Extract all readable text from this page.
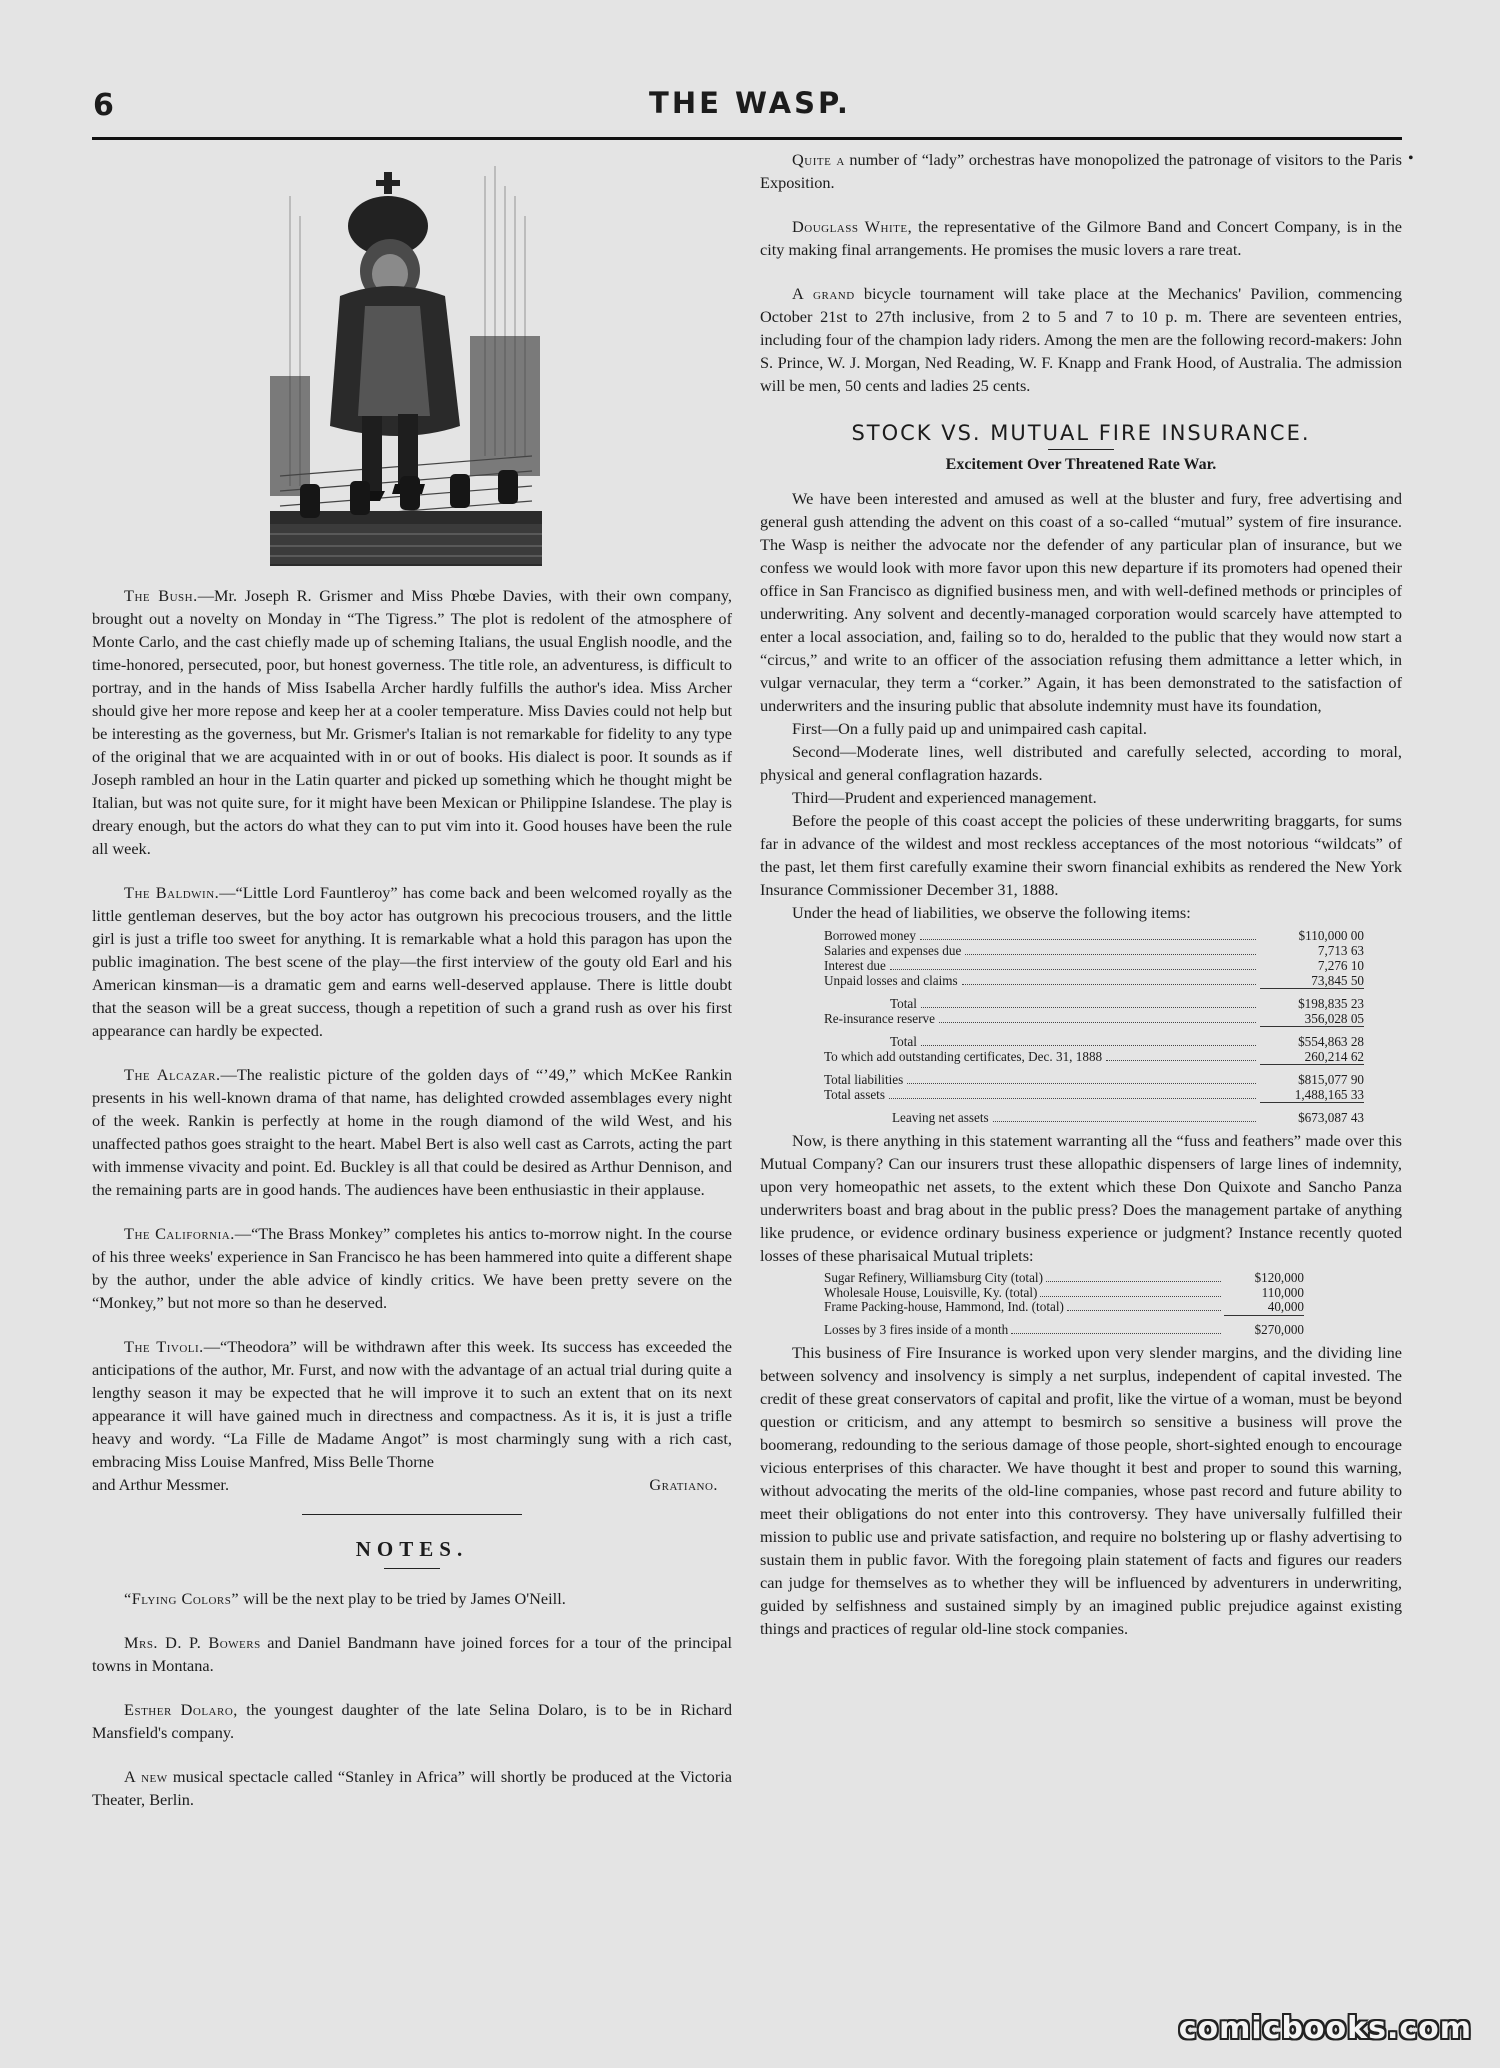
6	THE WASP.
•

The Bush.—Mr. Joseph R. Grismer and Miss Phœbe Davies, with their own company, brought out a novelty on Monday in “The Tigress.” The plot is redolent of the atmosphere of Monte Carlo, and the cast chiefly made up of scheming Italians, the usual English noodle, and the time-honored, persecuted, poor, but honest governess. The title role, an adventuress, is difficult to portray, and in the hands of Miss Isabella Archer hardly fulfills the author's idea. Miss Archer should give her more repose and keep her at a cooler temperature. Miss Davies could not help but be interesting as the governess, but Mr. Grismer's Italian is not remarkable for fidelity to any type of the original that we are acquainted with in or out of books. His dialect is poor. It sounds as if Joseph rambled an hour in the Latin quarter and picked up something which he thought might be Italian, but was not quite sure, for it might have been Mexican or Philippine Islandese. The play is dreary enough, but the actors do what they can to put vim into it. Good houses have been the rule all week.

The Baldwin.—“Little Lord Fauntleroy” has come back and been welcomed royally as the little gentleman deserves, but the boy actor has outgrown his precocious trousers, and the little girl is just a trifle too sweet for anything. It is remarkable what a hold this paragon has upon the public imagination. The best scene of the play—the first interview of the gouty old Earl and his American kinsman—is a dramatic gem and earns well-deserved applause. There is little doubt that the season will be a great success, though a repetition of such a grand rush as over his first appearance can hardly be expected.

The Alcazar.—The realistic picture of the golden days of “’49,” which McKee Rankin presents in his well-known drama of that name, has delighted crowded assemblages every night of the week. Rankin is perfectly at home in the rough diamond of the wild West, and his unaffected pathos goes straight to the heart. Mabel Bert is also well cast as Carrots, acting the part with immense vivacity and point. Ed. Buckley is all that could be desired as Arthur Dennison, and the remaining parts are in good hands. The audiences have been enthusiastic in their applause.

The California.—“The Brass Monkey” completes his antics to-morrow night. In the course of his three weeks' experience in San Francisco he has been hammered into quite a different shape by the author, under the able advice of kindly critics. We have been pretty severe on the “Monkey,” but not more so than he deserved.

The Tivoli.—“Theodora” will be withdrawn after this week. Its success has exceeded the anticipations of the author, Mr. Furst, and now with the advantage of an actual trial during quite a lengthy season it may be expected that he will improve it to such an extent that on its next appearance it will have gained much in directness and compactness. As it is, it is just a trifle heavy and wordy. “La Fille de Madame Angot” is most charmingly sung with a rich cast, embracing Miss Louise Manfred, Miss Belle Thorne

and Arthur Messmer.	Gratiano.
NOTES.

“Flying Colors” will be the next play to be tried by James O'Neill.

Mrs. D. P. Bowers and Daniel Bandmann have joined forces for a tour of the principal towns in Montana.

Esther Dolaro, the youngest daughter of the late Selina Dolaro, is to be in Richard Mansfield's company.

A new musical spectacle called “Stanley in Africa” will shortly be produced at the Victoria Theater, Berlin.

Quite a number of “lady” orchestras have monopolized the patronage of visitors to the Paris Exposition.

Douglass White, the representative of the Gilmore Band and Concert Company, is in the city making final arrangements. He promises the music lovers a rare treat.

A grand bicycle tournament will take place at the Mechanics' Pavilion, commencing October 21st to 27th inclusive, from 2 to 5 and 7 to 10 p. m. There are seventeen entries, including four of the champion lady riders. Among the men are the following record-makers: John S. Prince, W. J. Morgan, Ned Reading, W. F. Knapp and Frank Hood, of Australia. The admission will be men, 50 cents and ladies 25 cents.

STOCK VS. MUTUAL FIRE INSURANCE.
Excitement Over Threatened Rate War.

We have been interested and amused as well at the bluster and fury, free advertising and general gush attending the advent on this coast of a so-called “mutual” system of fire insurance. The Wasp is neither the advocate nor the defender of any particular plan of insurance, but we confess we would look with more favor upon this new departure if its promoters had opened their office in San Francisco as dignified business men, and with well-defined methods or principles of underwriting. Any solvent and decently-managed corporation would scarcely have attempted to enter a local association, and, failing so to do, heralded to the public that they would now start a “circus,” and write to an officer of the association refusing them admittance a letter which, in vulgar vernacular, they term a “corker.” Again, it has been demonstrated to the satisfaction of underwriters and the insuring public that absolute indemnity must have its foundation,

First—On a fully paid up and unimpaired cash capital.

Second—Moderate lines, well distributed and carefully selected, according to moral, physical and general conflagration hazards.

Third—Prudent and experienced management.

Before the people of this coast accept the policies of these underwriting braggarts, for sums far in advance of the wildest and most reckless acceptances of the most notorious “wildcats” of the past, let them first carefully examine their sworn financial exhibits as rendered the New York Insurance Commissioner December 31, 1888.

Under the head of liabilities, we observe the following items:

Borrowed money	$110,000 00
Salaries and expenses due	7,713 63
Interest due	7,276 10
Unpaid losses and claims	73,845 50
Total	$198,835 23
Re-insurance reserve	356,028 05
Total	$554,863 28
To which add outstanding certificates, Dec. 31, 1888	260,214 62
Total liabilities	$815,077 90
Total assets	1,488,165 33
Leaving net assets	$673,087 43

Now, is there anything in this statement warranting all the “fuss and feathers” made over this Mutual Company? Can our insurers trust these allopathic dispensers of large lines of indemnity, upon very homeopathic net assets, to the extent which these Don Quixote and Sancho Panza underwriters boast and brag about in the public press? Does the management partake of anything like prudence, or evidence ordinary business experience or judgment? Instance recently quoted losses of these pharisaical Mutual triplets:

Sugar Refinery, Williamsburg City (total)	$120,000
Wholesale House, Louisville, Ky. (total)	110,000
Frame Packing-house, Hammond, Ind. (total)	40,000
Losses by 3 fires inside of a month	$270,000

This business of Fire Insurance is worked upon very slender margins, and the dividing line between solvency and insolvency is simply a net surplus, independent of capital invested. The credit of these great conservators of capital and profit, like the virtue of a woman, must be beyond question or criticism, and any attempt to besmirch so sensitive a business will prove the boomerang, redounding to the serious damage of those people, short-sighted enough to encourage vicious enterprises of this character. We have thought it best and proper to sound this warning, without advocating the merits of the old-line companies, whose past record and future ability to meet their obligations do not enter into this controversy. They have universally fulfilled their mission to public use and private satisfaction, and require no bolstering up or flashy advertising to sustain them in public favor. With the foregoing plain statement of facts and figures our readers can judge for themselves as to whether they will be influenced by adventurers in underwriting, guided by selfishness and sustained simply by an imagined public prejudice against existing things and practices of regular old-line stock companies.

comicbooks.com
